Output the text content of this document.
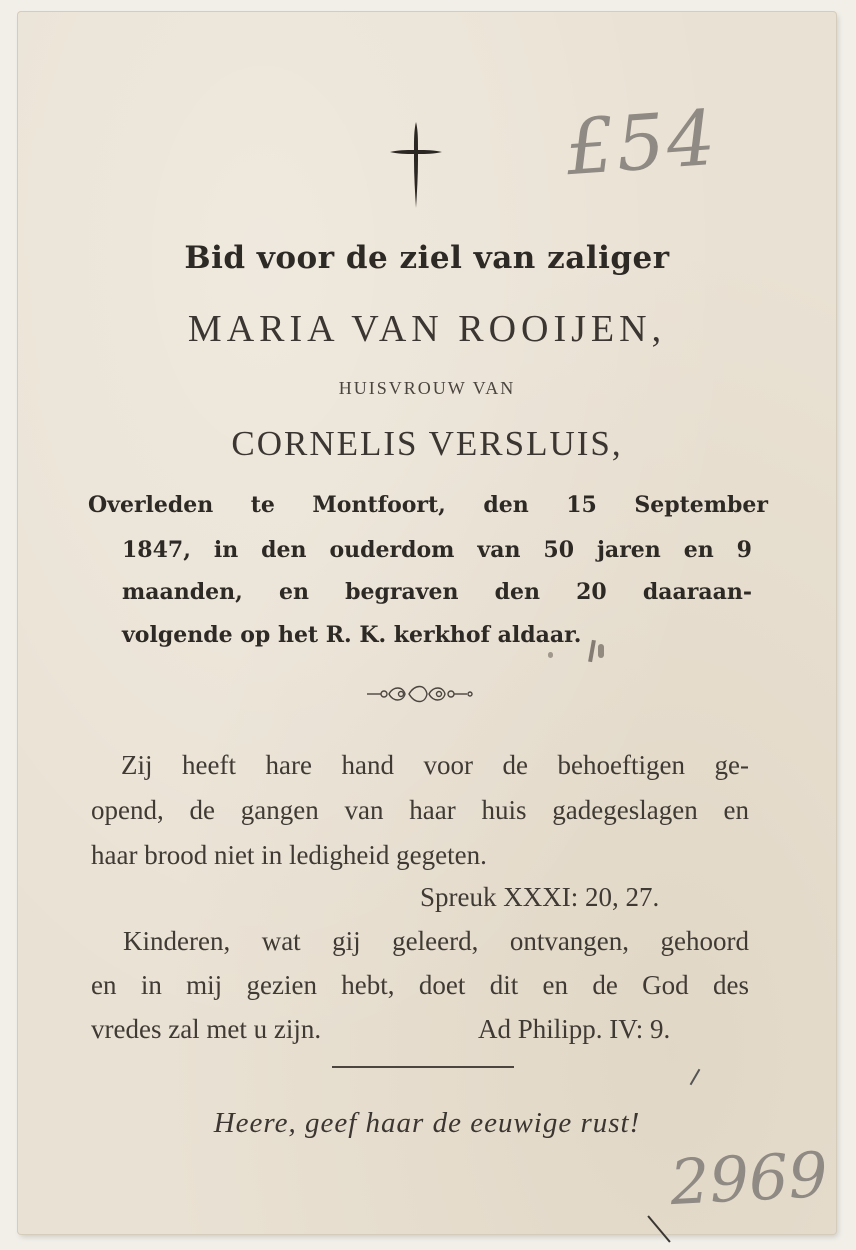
£54
Bid voor de ziel van zaliger
MARIA VAN ROOIJEN,
HUISVROUW VAN
CORNELIS VERSLUIS,
Overleden te Montfoort, den 15 September
1847, in den ouderdom van 50 jaren en 9
maanden, en begraven den 20 daaraan-
volgende op het R. K. kerkhof aldaar.
Zij heeft hare hand voor de behoeftigen ge-
opend, de gangen van haar huis gadegeslagen en
haar brood niet in ledigheid gegeten.
Spreuk XXXI: 20, 27.
Kinderen, wat gij geleerd, ontvangen, gehoord
en in mij gezien hebt, doet dit en de God des
vredes zal met u zijn.	Ad Philipp. IV: 9.
Heere, geef haar de eeuwige rust!
2969
